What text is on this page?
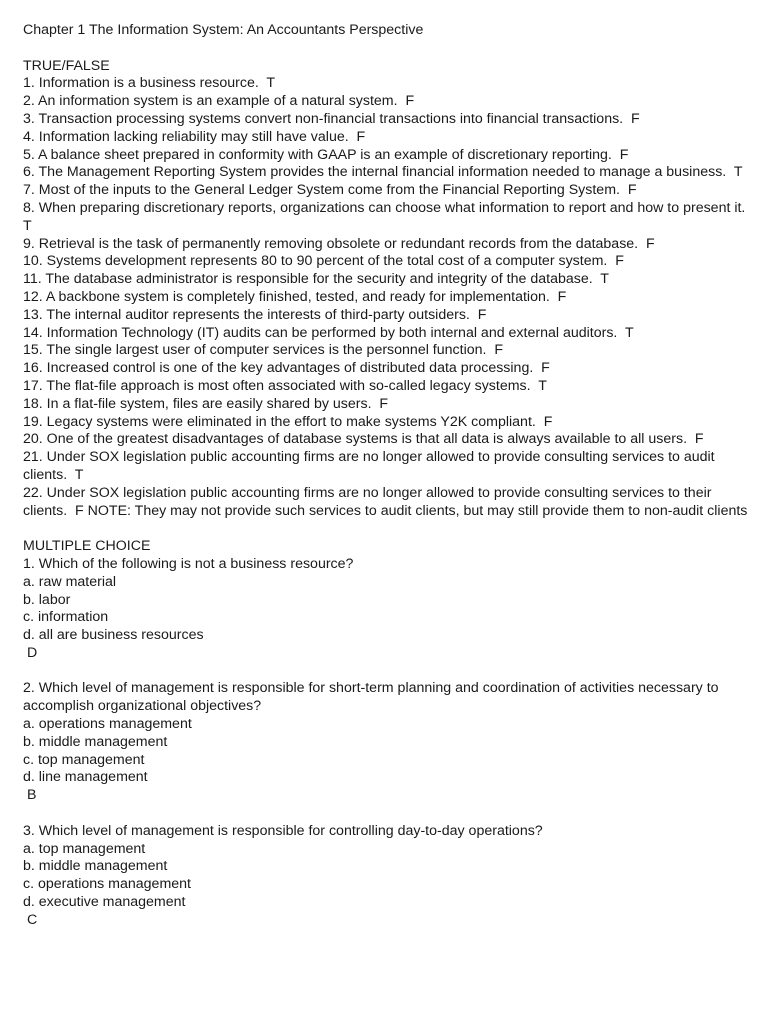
Chapter 1 The Information System: An Accountants Perspective
TRUE/FALSE
1. Information is a business resource.  T
2. An information system is an example of a natural system.  F
3. Transaction processing systems convert non-financial transactions into financial transactions.  F
4. Information lacking reliability may still have value.  F
5. A balance sheet prepared in conformity with GAAP is an example of discretionary reporting.  F
6. The Management Reporting System provides the internal financial information needed to manage a business.  T
7. Most of the inputs to the General Ledger System come from the Financial Reporting System.  F
8. When preparing discretionary reports, organizations can choose what information to report and how to present it.  T
9. Retrieval is the task of permanently removing obsolete or redundant records from the database.  F
10. Systems development represents 80 to 90 percent of the total cost of a computer system.  F
11. The database administrator is responsible for the security and integrity of the database.  T
12. A backbone system is completely finished, tested, and ready for implementation.  F
13. The internal auditor represents the interests of third-party outsiders.  F
14. Information Technology (IT) audits can be performed by both internal and external auditors.  T
15. The single largest user of computer services is the personnel function.  F
16. Increased control is one of the key advantages of distributed data processing.  F
17. The flat-file approach is most often associated with so-called legacy systems.  T
18. In a flat-file system, files are easily shared by users.  F
19. Legacy systems were eliminated in the effort to make systems Y2K compliant.  F
20. One of the greatest disadvantages of database systems is that all data is always available to all users.  F
21. Under SOX legislation public accounting firms are no longer allowed to provide consulting services to audit clients.  T
22. Under SOX legislation public accounting firms are no longer allowed to provide consulting services to their clients.  F NOTE: They may not provide such services to audit clients, but may still provide them to non-audit clients
MULTIPLE CHOICE
1. Which of the following is not a business resource?
a. raw material
b. labor
c. information
d. all are business resources
D
2. Which level of management is responsible for short-term planning and coordination of activities necessary to accomplish organizational objectives?
a. operations management
b. middle management
c. top management
d. line management
B
3. Which level of management is responsible for controlling day-to-day operations?
a. top management
b. middle management
c. operations management
d. executive management
C
